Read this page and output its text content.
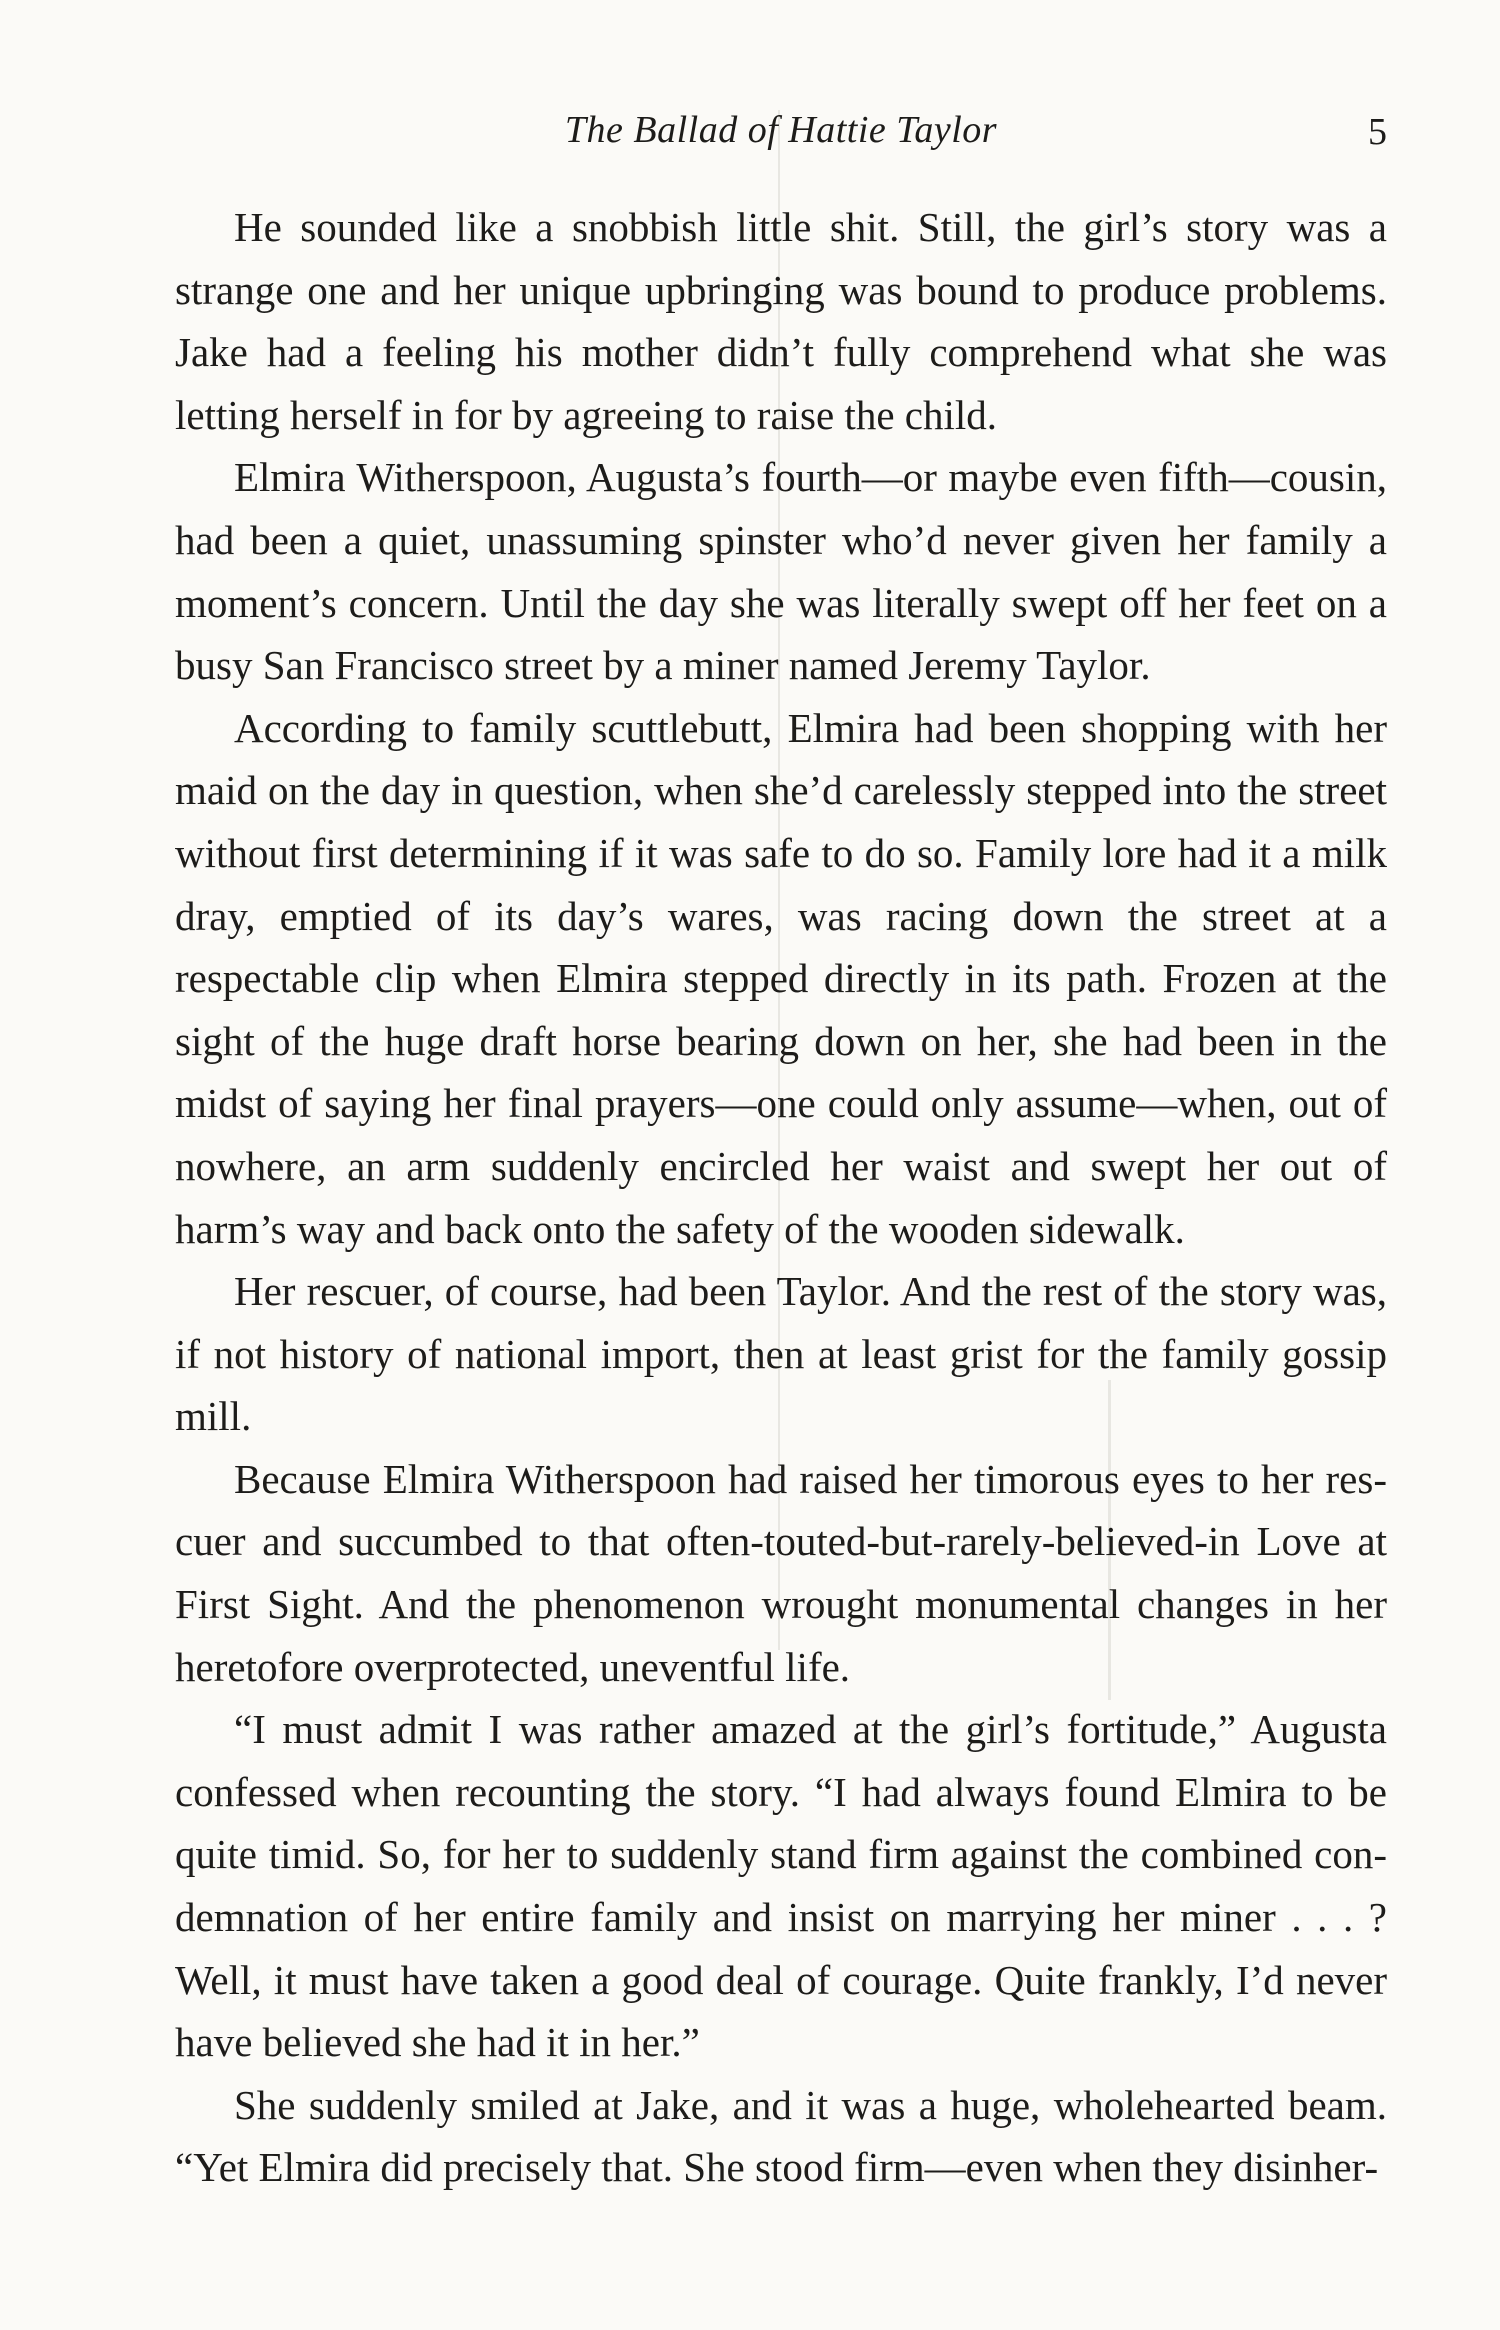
The Ballad of Hattie Taylor	5

He sounded like a snobbish little shit. Still, the girl’s story was a strange one and her unique upbringing was bound to produce problems. Jake had a feeling his mother didn’t fully comprehend what she was letting herself in for by agreeing to raise the child.

Elmira Witherspoon, Augusta’s fourth—or maybe even fifth—cousin, had been a quiet, unassuming spinster who’d never given her family a moment’s concern. Until the day she was literally swept off her feet on a busy San Francisco street by a miner named Jeremy Taylor.

According to family scuttlebutt, Elmira had been shopping with her maid on the day in question, when she’d carelessly stepped into the street without first determining if it was safe to do so. Family lore had it a milk dray, emptied of its day’s wares, was racing down the street at a respectable clip when Elmira stepped directly in its path. Frozen at the sight of the huge draft horse bearing down on her, she had been in the midst of saying her final prayers—one could only assume—when, out of nowhere, an arm suddenly encircled her waist and swept her out of harm’s way and back onto the safety of the wooden sidewalk.

Her rescuer, of course, had been Taylor. And the rest of the story was, if not history of national import, then at least grist for the family gossip mill.

Because Elmira Witherspoon had raised her timorous eyes to her rescuer and succumbed to that often-touted-but-rarely-believed-in Love at First Sight. And the phenomenon wrought monumental changes in her heretofore overprotected, uneventful life.

“I must admit I was rather amazed at the girl’s fortitude,” Augusta confessed when recounting the story. “I had always found Elmira to be quite timid. So, for her to suddenly stand firm against the combined condemnation of her entire family and insist on marrying her miner . . . ? Well, it must have taken a good deal of courage. Quite frankly, I’d never have believed she had it in her.”

She suddenly smiled at Jake, and it was a huge, wholehearted beam. “Yet Elmira did precisely that. She stood firm—even when they disinher-
